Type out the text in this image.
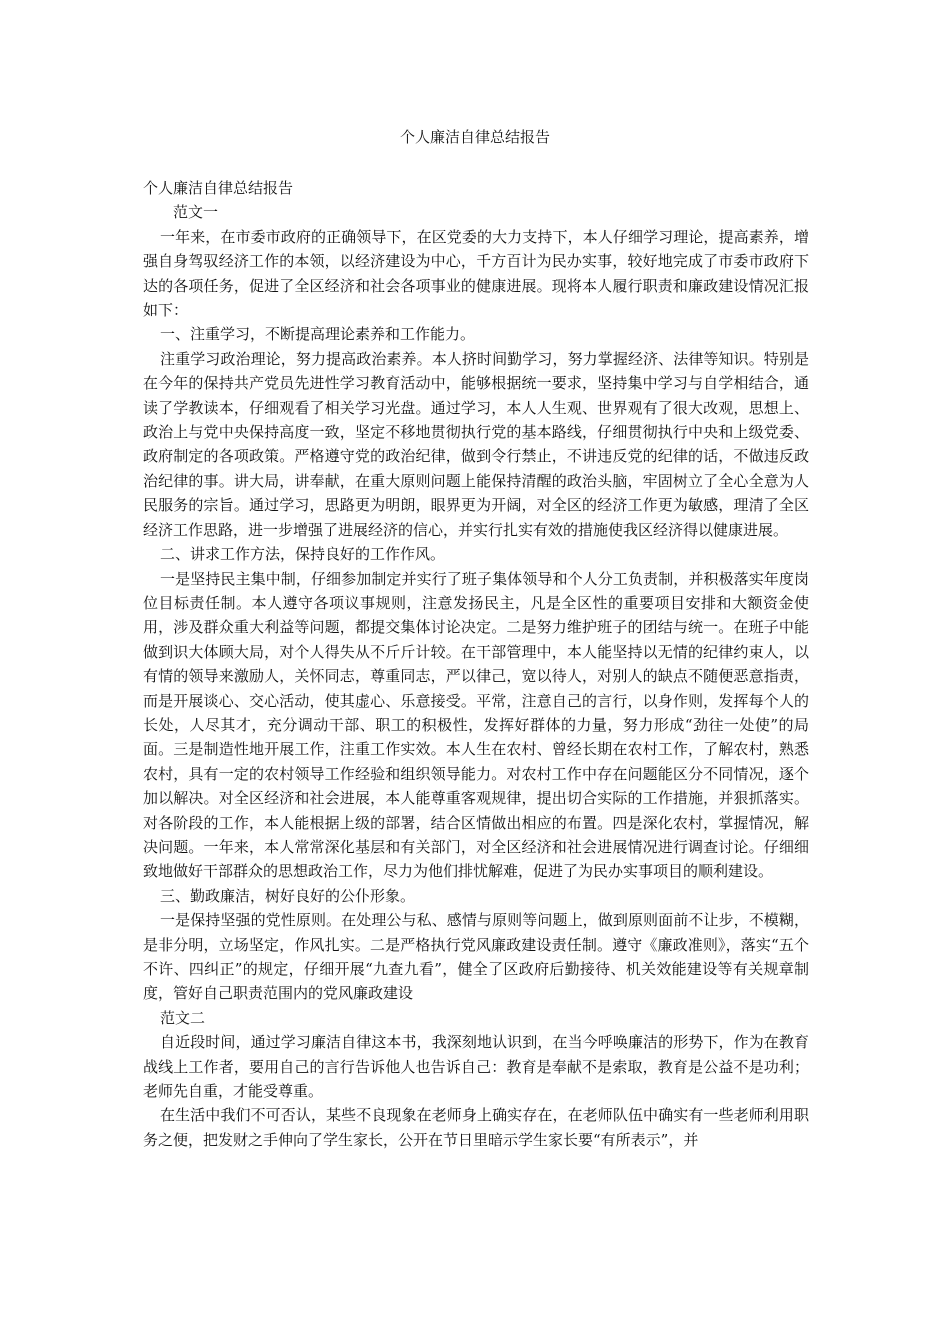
个人廉洁自律总结报告

个人廉洁自律总结报告

范文一

一年来，在市委市政府的正确领导下，在区党委的大力支持下，本人仔细学习理论，提高素养，增强自身驾驭经济工作的本领，以经济建设为中心，千方百计为民办实事，较好地完成了市委市政府下达的各项任务，促进了全区经济和社会各项事业的健康进展。现将本人履行职责和廉政建设情况汇报如下：

一、注重学习，不断提高理论素养和工作能力。

注重学习政治理论，努力提高政治素养。本人挤时间勤学习，努力掌握经济、法律等知识。特别是在今年的保持共产党员先进性学习教育活动中，能够根据统一要求，坚持集中学习与自学相结合，通读了学教读本，仔细观看了相关学习光盘。通过学习，本人人生观、世界观有了很大改观，思想上、政治上与党中央保持高度一致，坚定不移地贯彻执行党的基本路线，仔细贯彻执行中央和上级党委、政府制定的各项政策。严格遵守党的政治纪律，做到令行禁止，不讲违反党的纪律的话，不做违反政治纪律的事。讲大局，讲奉献，在重大原则问题上能保持清醒的政治头脑，牢固树立了全心全意为人民服务的宗旨。通过学习，思路更为明朗，眼界更为开阔，对全区的经济工作更为敏感，理清了全区经济工作思路，进一步增强了进展经济的信心，并实行扎实有效的措施使我区经济得以健康进展。

二、讲求工作方法，保持良好的工作作风。

一是坚持民主集中制，仔细参加制定并实行了班子集体领导和个人分工负责制，并积极落实年度岗位目标责任制。本人遵守各项议事规则，注意发扬民主，凡是全区性的重要项目安排和大额资金使用，涉及群众重大利益等问题，都提交集体讨论决定。二是努力维护班子的团结与统一。在班子中能做到识大体顾大局，对个人得失从不斤斤计较。在干部管理中，本人能坚持以无情的纪律约束人，以有情的领导来激励人，关怀同志，尊重同志，严以律己，宽以待人，对别人的缺点不随便恶意指责，而是开展谈心、交心活动，使其虚心、乐意接受。平常，注意自己的言行，以身作则，发挥每个人的长处，人尽其才，充分调动干部、职工的积极性，发挥好群体的力量，努力形成“劲往一处使”的局面。三是制造性地开展工作，注重工作实效。本人生在农村、曾经长期在农村工作，了解农村，熟悉农村，具有一定的农村领导工作经验和组织领导能力。对农村工作中存在问题能区分不同情况，逐个加以解决。对全区经济和社会进展，本人能尊重客观规律，提出切合实际的工作措施，并狠抓落实。对各阶段的工作，本人能根据上级的部署，结合区情做出相应的布置。四是深化农村，掌握情况，解决问题。一年来，本人常常深化基层和有关部门，对全区经济和社会进展情况进行调查讨论。仔细细致地做好干部群众的思想政治工作，尽力为他们排忧解难，促进了为民办实事项目的顺利建设。

三、勤政廉洁，树好良好的公仆形象。

一是保持坚强的党性原则。在处理公与私、感情与原则等问题上，做到原则面前不让步，不模糊，是非分明，立场坚定，作风扎实。二是严格执行党风廉政建设责任制。遵守《廉政准则》，落实“五个不许、四纠正”的规定，仔细开展“九查九看”，健全了区政府后勤接待、机关效能建设等有关规章制度，管好自己职责范围内的党风廉政建设

范文二

自近段时间，通过学习廉洁自律这本书，我深刻地认识到，在当今呼唤廉洁的形势下，作为在教育战线上工作者，要用自己的言行告诉他人也告诉自己：教育是奉献不是索取，教育是公益不是功利；老师先自重，才能受尊重。

在生活中我们不可否认，某些不良现象在老师身上确实存在，在老师队伍中确实有一些老师利用职务之便，把发财之手伸向了学生家长，公开在节日里暗示学生家长要“有所表示”，并
